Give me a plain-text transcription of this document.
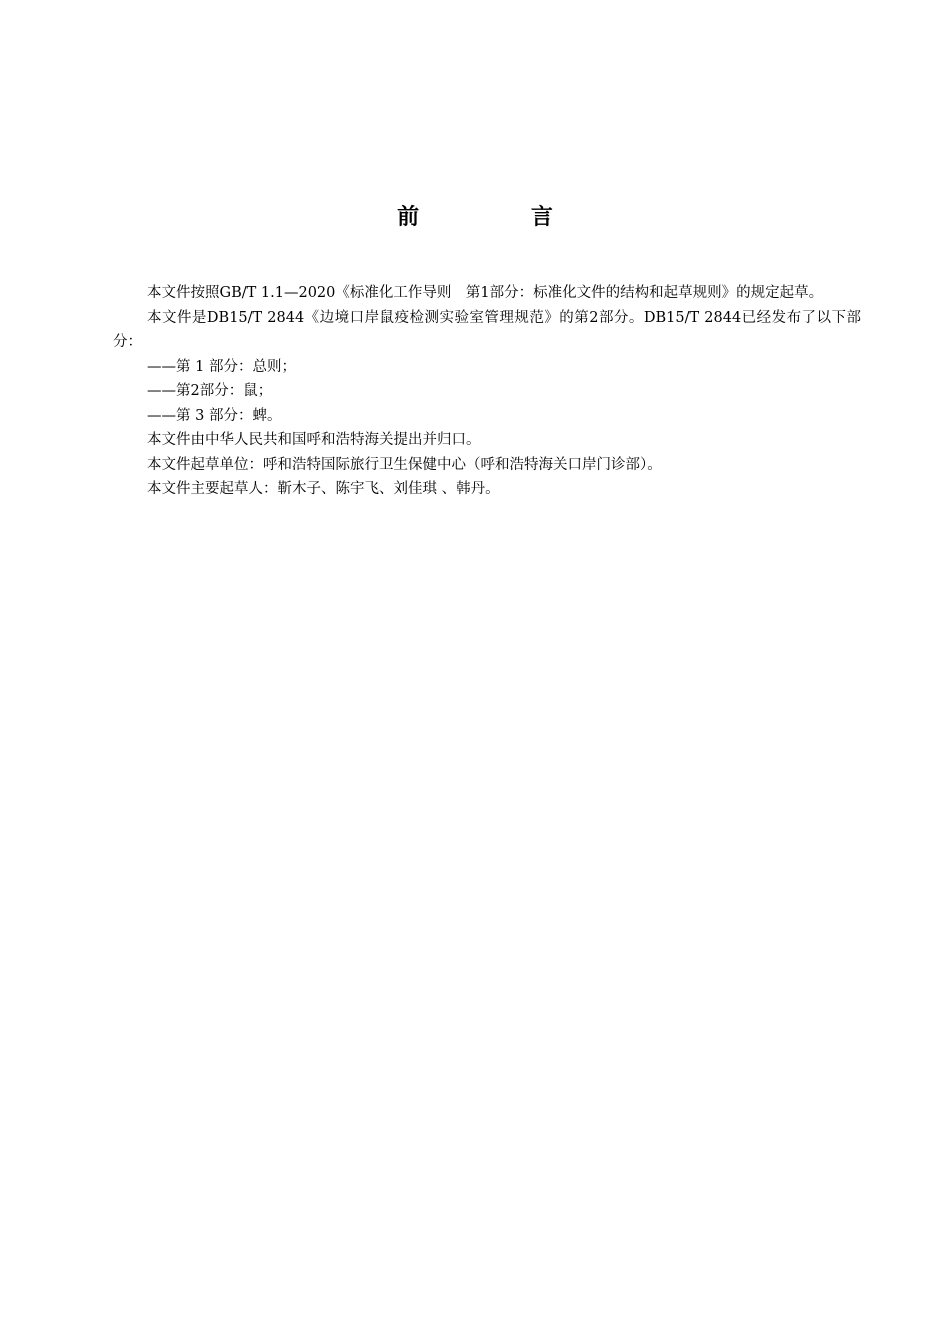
前 言

本文件按照GB/T 1.1—2020《标准化工作导则　第1部分：标准化文件的结构和起草规则》的规定起草。

本文件是DB15/T 2844《边境口岸鼠疫检测实验室管理规范》的第2部分。DB15/T 2844已经发布了以下部分：

——第 1 部分：总则；

——第2部分：鼠；

——第 3 部分：蜱。

本文件由中华人民共和国呼和浩特海关提出并归口。

本文件起草单位：呼和浩特国际旅行卫生保健中心（呼和浩特海关口岸门诊部）。

本文件主要起草人：靳木子、陈宇飞、刘佳琪 、韩丹。
